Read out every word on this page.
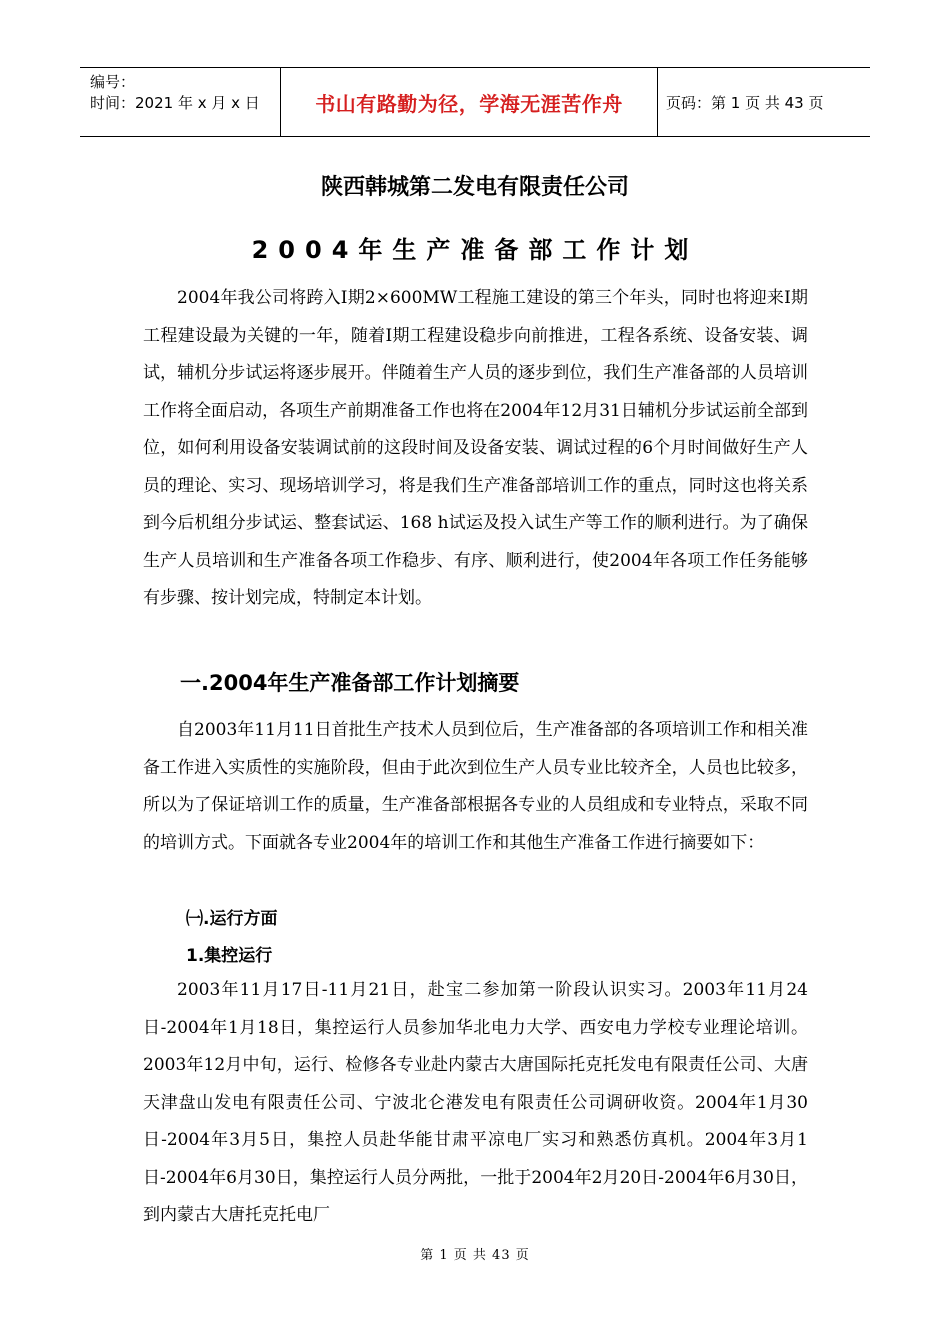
编号：
时间：2021 年 x 月 x 日	书山有路勤为径，学海无涯苦作舟	页码：第 1 页 共 43 页
陕西韩城第二发电有限责任公司
2004年生产准备部工作计划

2004年我公司将跨入I期2×600MW工程施工建设的第三个年头，同时也将迎来I期工程建设最为关键的一年，随着I期工程建设稳步向前推进，工程各系统、设备安装、调试，辅机分步试运将逐步展开。伴随着生产人员的逐步到位，我们生产准备部的人员培训工作将全面启动，各项生产前期准备工作也将在2004年12月31日辅机分步试运前全部到位，如何利用设备安装调试前的这段时间及设备安装、调试过程的6个月时间做好生产人员的理论、实习、现场培训学习，将是我们生产准备部培训工作的重点，同时这也将关系到今后机组分步试运、整套试运、168 h试运及投入试生产等工作的顺利进行。为了确保生产人员培训和生产准备各项工作稳步、有序、顺利进行，使2004年各项工作任务能够有步骤、按计划完成，特制定本计划。

一.2004年生产准备部工作计划摘要

自2003年11月11日首批生产技术人员到位后，生产准备部的各项培训工作和相关准备工作进入实质性的实施阶段，但由于此次到位生产人员专业比较齐全，人员也比较多，所以为了保证培训工作的质量，生产准备部根据各专业的人员组成和专业特点，采取不同的培训方式。下面就各专业2004年的培训工作和其他生产准备工作进行摘要如下：

㈠.运行方面
1.集控运行

2003年11月17日-11月21日，赴宝二参加第一阶段认识实习。2003年11月24日-2004年1月18日，集控运行人员参加华北电力大学、西安电力学校专业理论培训。 2003年12月中旬，运行、检修各专业赴内蒙古大唐国际托克托发电有限责任公司、大唐天津盘山发电有限责任公司、宁波北仑港发电有限责任公司调研收资。2004年1月30日-2004年3月5日，集控人员赴华能甘肃平凉电厂实习和熟悉仿真机。2004年3月1日-2004年6月30日，集控运行人员分两批，一批于2004年2月20日-2004年6月30日，到内蒙古大唐托克托电厂

第 1 页 共 43 页
